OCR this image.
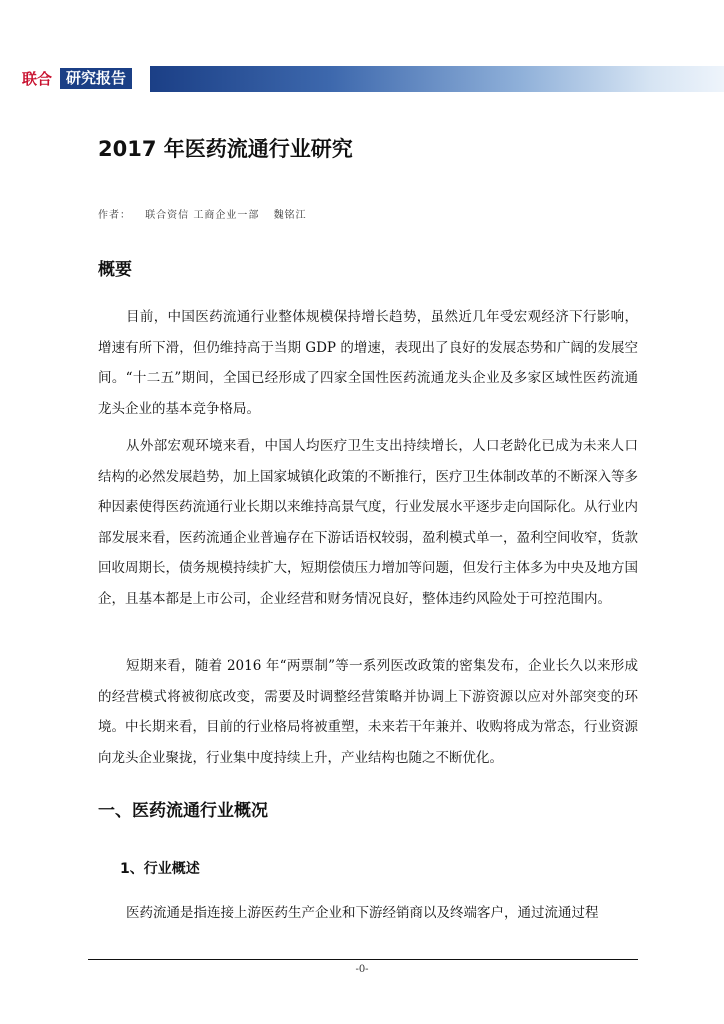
联合 研究报告
2017 年医药流通行业研究
作者： 联合资信 工商企业一部 魏铭江
概要

目前，中国医药流通行业整体规模保持增长趋势，虽然近几年受宏观经济下行影响，增速有所下滑，但仍维持高于当期 GDP 的增速，表现出了良好的发展态势和广阔的发展空间。“十二五”期间，全国已经形成了四家全国性医药流通龙头企业及多家区域性医药流通龙头企业的基本竞争格局。

从外部宏观环境来看，中国人均医疗卫生支出持续增长，人口老龄化已成为未来人口结构的必然发展趋势，加上国家城镇化政策的不断推行，医疗卫生体制改革的不断深入等多种因素使得医药流通行业长期以来维持高景气度，行业发展水平逐步走向国际化。从行业内部发展来看，医药流通企业普遍存在下游话语权较弱，盈利模式单一，盈利空间收窄，货款回收周期长，债务规模持续扩大，短期偿债压力增加等问题，但发行主体多为中央及地方国企，且基本都是上市公司，企业经营和财务情况良好，整体违约风险处于可控范围内。

短期来看，随着 2016 年“两票制”等一系列医改政策的密集发布，企业长久以来形成的经营模式将被彻底改变，需要及时调整经营策略并协调上下游资源以应对外部突变的环境。中长期来看，目前的行业格局将被重塑，未来若干年兼并、收购将成为常态，行业资源向龙头企业聚拢，行业集中度持续上升，产业结构也随之不断优化。

一、医药流通行业概况
1、行业概述

医药流通是指连接上游医药生产企业和下游经销商以及终端客户，通过流通过程

-0-
